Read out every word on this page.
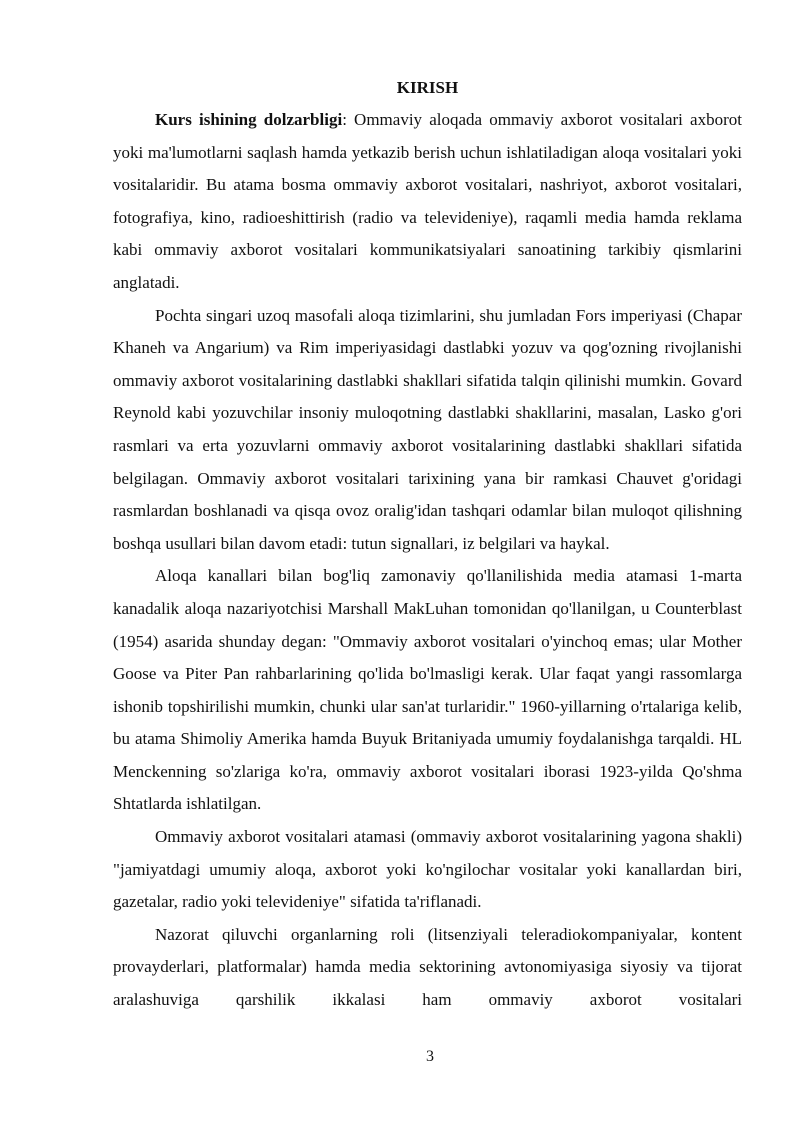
KIRISH

Kurs ishining dolzarbligi: Ommaviy aloqada ommaviy axborot vositalari axborot yoki ma'lumotlarni saqlash hamda yetkazib berish uchun ishlatiladigan aloqa vositalari yoki vositalaridir. Bu atama bosma ommaviy axborot vositalari, nashriyot, axborot vositalari, fotografiya, kino, radioeshittirish (radio va televideniye), raqamli media hamda reklama kabi ommaviy axborot vositalari kommunikatsiyalari sanoatining tarkibiy qismlarini anglatadi.

Pochta singari uzoq masofali aloqa tizimlarini, shu jumladan Fors imperiyasi (Chapar Khaneh va Angarium) va Rim imperiyasidagi dastlabki yozuv va qog'ozning rivojlanishi ommaviy axborot vositalarining dastlabki shakllari sifatida talqin qilinishi mumkin. Govard Reynold kabi yozuvchilar insoniy muloqotning dastlabki shakllarini, masalan, Lasko g'ori rasmlari va erta yozuvlarni ommaviy axborot vositalarining dastlabki shakllari sifatida belgilagan. Ommaviy axborot vositalari tarixining yana bir ramkasi Chauvet g'oridagi rasmlardan boshlanadi va qisqa ovoz oralig'idan tashqari odamlar bilan muloqot qilishning boshqa usullari bilan davom etadi: tutun signallari, iz belgilari va haykal.

Aloqa kanallari bilan bog'liq zamonaviy qo'llanilishida media atamasi 1-marta kanadalik aloqa nazariyotchisi Marshall MakLuhan tomonidan qo'llanilgan, u Counterblast (1954) asarida shunday degan: "Ommaviy axborot vositalari o'yinchoq emas; ular Mother Goose va Piter Pan rahbarlarining qo'lida bo'lmasligi kerak. Ular faqat yangi rassomlarga ishonib topshirilishi mumkin, chunki ular san'at turlaridir." 1960-yillarning o'rtalariga kelib, bu atama Shimoliy Amerika hamda Buyuk Britaniyada umumiy foydalanishga tarqaldi. HL Menckenning so'zlariga ko'ra, ommaviy axborot vositalari iborasi 1923-yilda Qo'shma Shtatlarda ishlatilgan.

Ommaviy axborot vositalari atamasi (ommaviy axborot vositalarining yagona shakli) "jamiyatdagi umumiy aloqa, axborot yoki ko'ngilochar vositalar yoki kanallardan biri, gazetalar, radio yoki televideniye" sifatida ta'riflanadi.

Nazorat qiluvchi organlarning roli (litsenziyali teleradiokompaniyalar, kontent provayderlari, platformalar) hamda media sektorining avtonomiyasiga siyosiy va tijorat aralashuviga qarshilik ikkalasi ham ommaviy axborot vositalari

3
